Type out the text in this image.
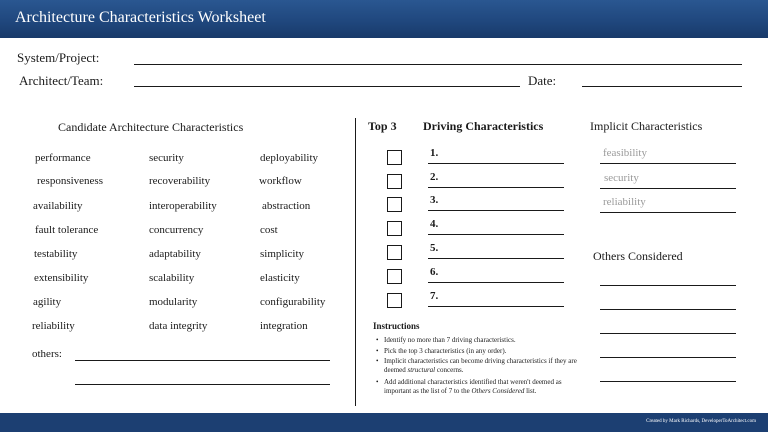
Architecture Characteristics Worksheet
System/Project:
Architect/Team:	Date:
Candidate Architecture Characteristics
others:
Top 3 Driving Characteristics	Implicit Characteristics
Others Considered
Instructions
Created by Mark Richards, DeveloperToArchitect.com
performance
responsiveness
availability
fault tolerance
testability
extensibility
agility
reliability
security
recoverability
interoperability
concurrency
adaptability
scalability
modularity
data integrity
deployability
workflow
abstraction
cost
simplicity
elasticity
configurability
integration
1.
2.
3.
4.
5.
6.
7.
feasibility
security
reliability
• Identify no more than 7 driving characteristics.
• Pick the top 3 characteristics (in any order).
• Implicit characteristics can become driving characteristics if they are deemed structural concerns.
• Add additional characteristics identified that weren't deemed as important as the list of 7 to the Others Considered list.
